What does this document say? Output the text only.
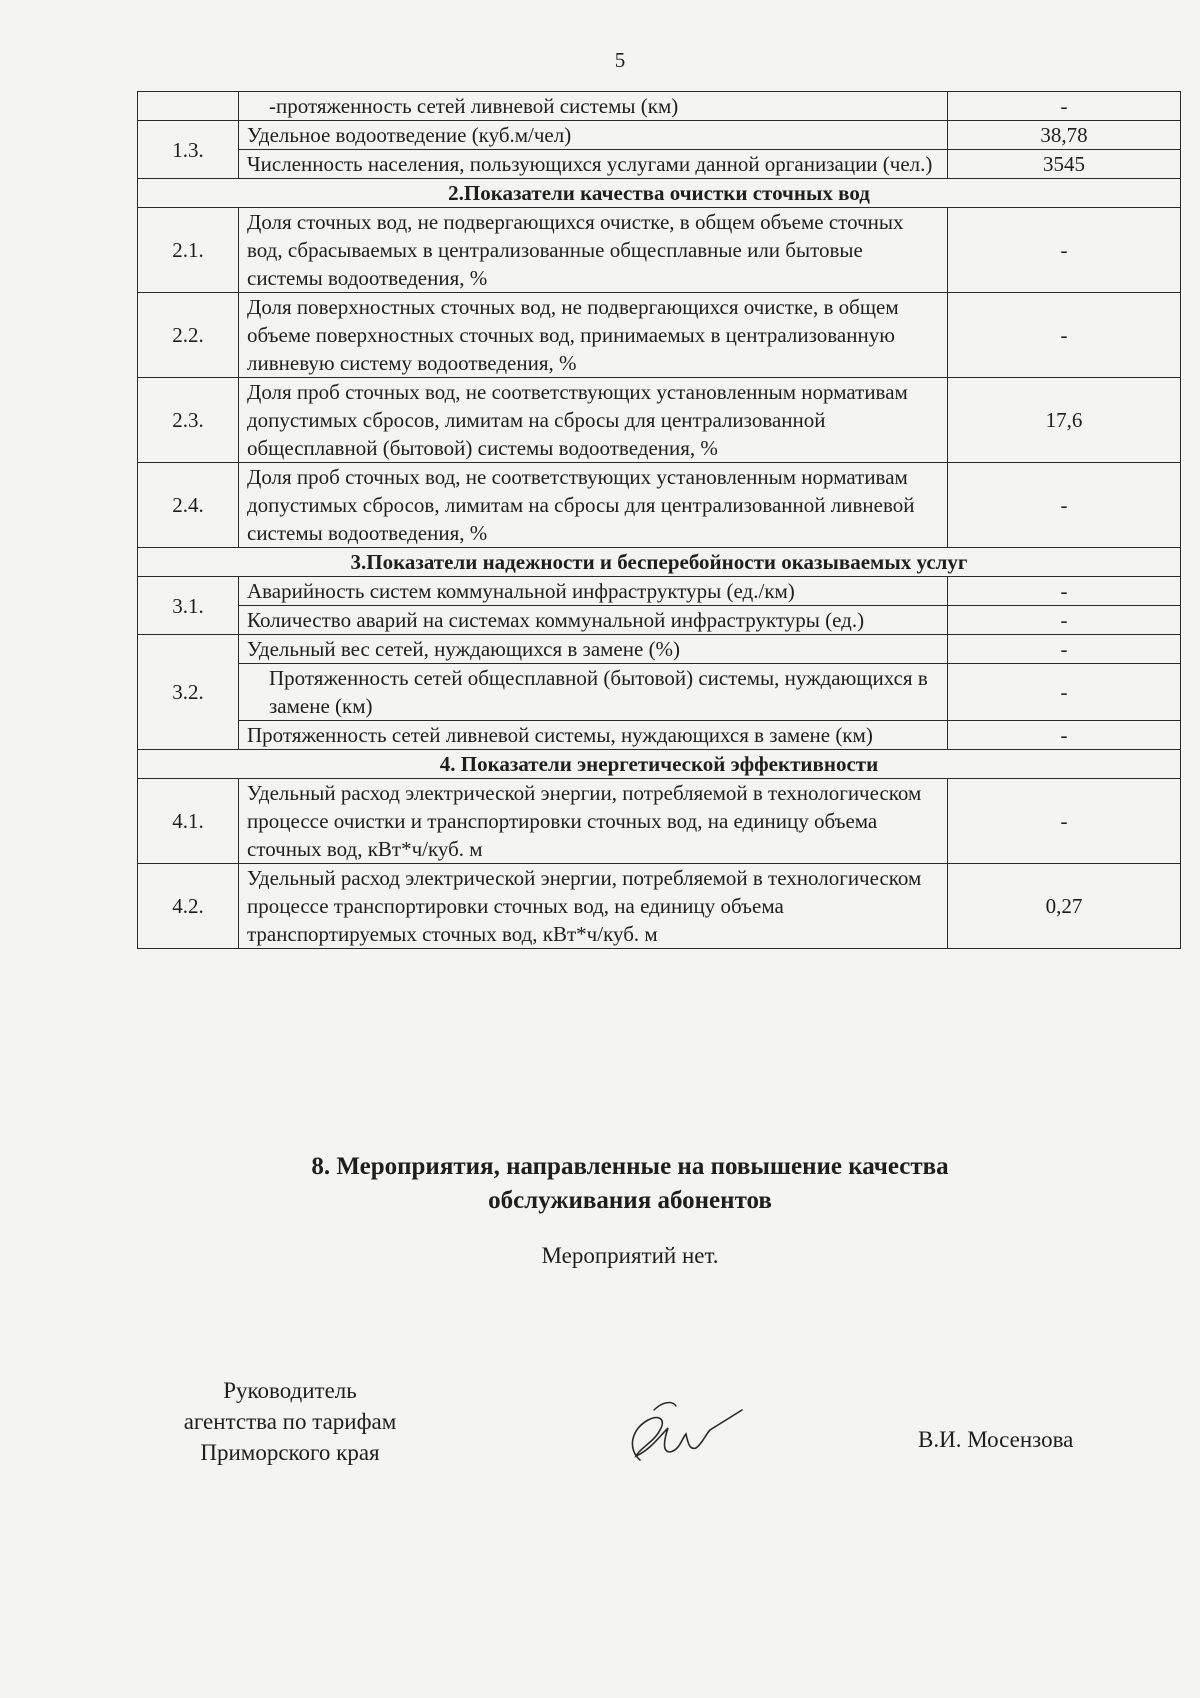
5
	-протяженность сетей ливневой системы (км)	-
1.3.	Удельное водоотведение (куб.м/чел)	38,78
	Численность населения, пользующихся услугами данной организации (чел.)	3545
2.Показатели качества очистки сточных вод		
2.1.	Доля сточных вод, не подвергающихся очистке, в общем объеме сточных вод, сбрасываемых в централизованные общесплавные или бытовые системы водоотведения, %	-
2.2.	Доля поверхностных сточных вод, не подвергающихся очистке, в общем объеме поверхностных сточных вод, принимаемых в централизованную ливневую систему водоотведения, %	-
2.3.	Доля проб сточных вод, не соответствующих установленным нормативам допустимых сбросов, лимитам на сбросы для централизованной общесплавной (бытовой) системы водоотведения, %	17,6
2.4.	Доля проб сточных вод, не соответствующих установленным нормативам допустимых сбросов, лимитам на сбросы для централизованной ливневой системы водоотведения, %	-
3.Показатели надежности и бесперебойности оказываемых услуг		
3.1.	Аварийность систем коммунальной инфраструктуры (ед./км)	-
	Количество аварий на системах коммунальной инфраструктуры (ед.)	-
3.2.	Удельный вес сетей, нуждающихся в замене (%)	-
	Протяженность сетей общесплавной (бытовой) системы, нуждающихся в замене (км)	-
	Протяженность сетей ливневой системы, нуждающихся в замене (км)	-
4. Показатели энергетической эффективности		
4.1.	Удельный расход электрической энергии, потребляемой в технологическом процессе очистки и транспортировки сточных вод, на единицу объема сточных вод, кВт*ч/куб. м	-
4.2.	Удельный расход электрической энергии, потребляемой в технологическом процессе транспортировки сточных вод, на единицу объема транспортируемых сточных вод, кВт*ч/куб. м	0,27
8. Мероприятия, направленные на повышение качества
обслуживания абонентов
Мероприятий нет.
Руководитель
агентства по тарифам
Приморского края
В.И. Мосензова
